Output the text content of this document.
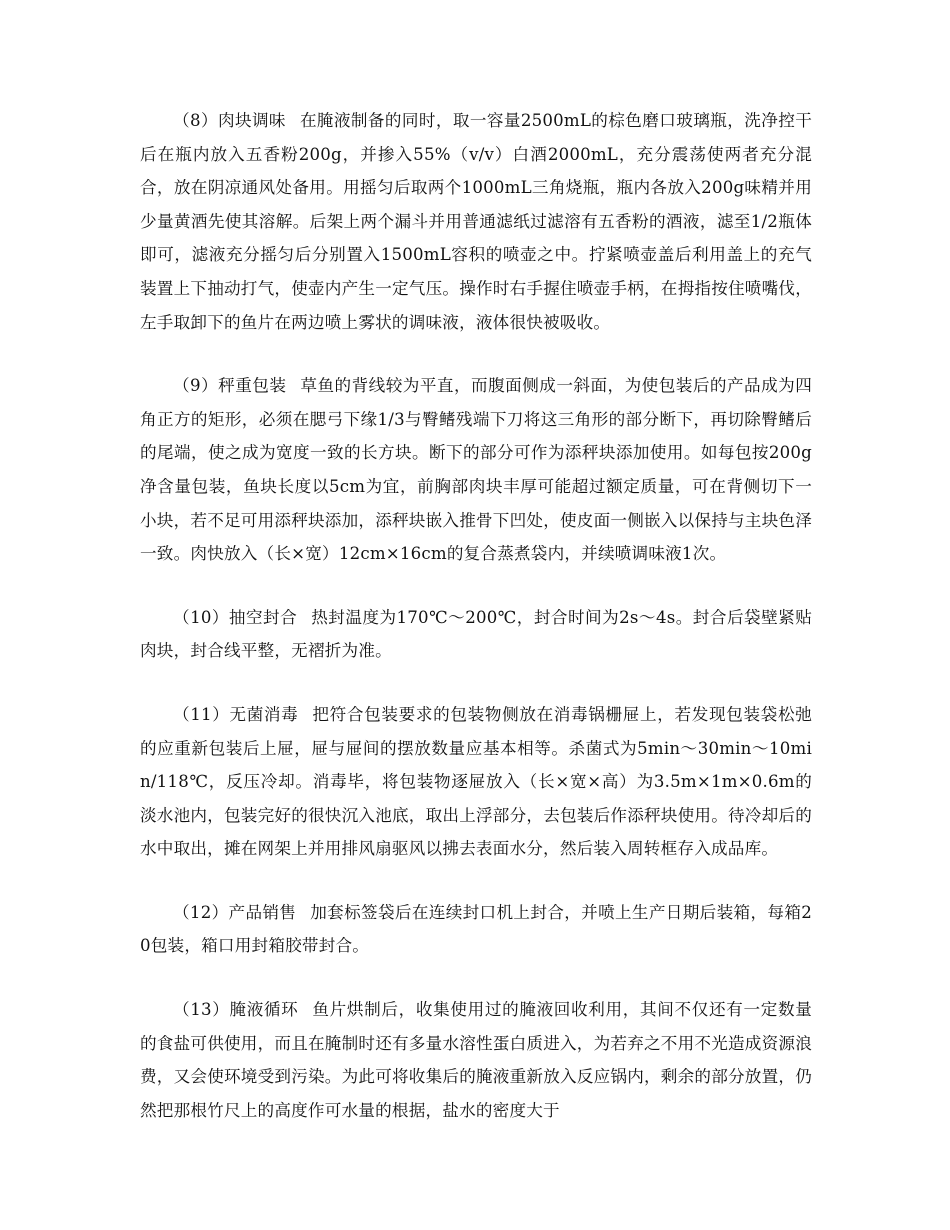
（8）肉块调味 在腌液制备的同时，取一容量2500mL的棕色磨口玻璃瓶，洗净控干后在瓶内放入五香粉200g，并掺入55%（v/v）白酒2000mL，充分震荡使两者充分混合，放在阴凉通风处备用。用摇匀后取两个1000mL三角烧瓶，瓶内各放入200g味精并用少量黄酒先使其溶解。后架上两个漏斗并用普通滤纸过滤溶有五香粉的酒液，滤至1/2瓶体即可，滤液充分摇匀后分别置入1500mL容积的喷壶之中。拧紧喷壶盖后利用盖上的充气装置上下抽动打气，使壶内产生一定气压。操作时右手握住喷壶手柄，在拇指按住喷嘴伐，左手取卸下的鱼片在两边喷上雾状的调味液，液体很快被吸收。

（9）秤重包装 草鱼的背线较为平直，而腹面侧成一斜面，为使包装后的产品成为四角正方的矩形，必须在腮弓下缘1/3与臀鳍残端下刀将这三角形的部分断下，再切除臀鳍后的尾端，使之成为宽度一致的长方块。断下的部分可作为添秤块添加使用。如每包按200g净含量包装，鱼块长度以5cm为宜，前胸部肉块丰厚可能超过额定质量，可在背侧切下一小块，若不足可用添秤块添加，添秤块嵌入推骨下凹处，使皮面一侧嵌入以保持与主块色泽一致。肉快放入（长×宽）12cm×16cm的复合蒸煮袋内，并续喷调味液1次。

（10）抽空封合 热封温度为170℃～200℃，封合时间为2s～4s。封合后袋壁紧贴肉块，封合线平整，无褶折为准。

（11）无菌消毒 把符合包装要求的包装物侧放在消毒锅栅屉上，若发现包装袋松弛的应重新包装后上屉，屉与屉间的摆放数量应基本相等。杀菌式为5min～30min～10min/118℃，反压冷却。消毒毕，将包装物逐屉放入（长×宽×高）为3.5m×1m×0.6m的淡水池内，包装完好的很快沉入池底，取出上浮部分，去包装后作添秤块使用。待冷却后的水中取出，摊在网架上并用排风扇驱风以拂去表面水分，然后装入周转框存入成品库。

（12）产品销售 加套标签袋后在连续封口机上封合，并喷上生产日期后装箱，每箱20包装，箱口用封箱胶带封合。

（13）腌液循环 鱼片烘制后，收集使用过的腌液回收利用，其间不仅还有一定数量的食盐可供使用，而且在腌制时还有多量水溶性蛋白质进入，为若弃之不用不光造成资源浪费，又会使环境受到污染。为此可将收集后的腌液重新放入反应锅内，剩余的部分放置，仍然把那根竹尺上的高度作可水量的根据，盐水的密度大于
